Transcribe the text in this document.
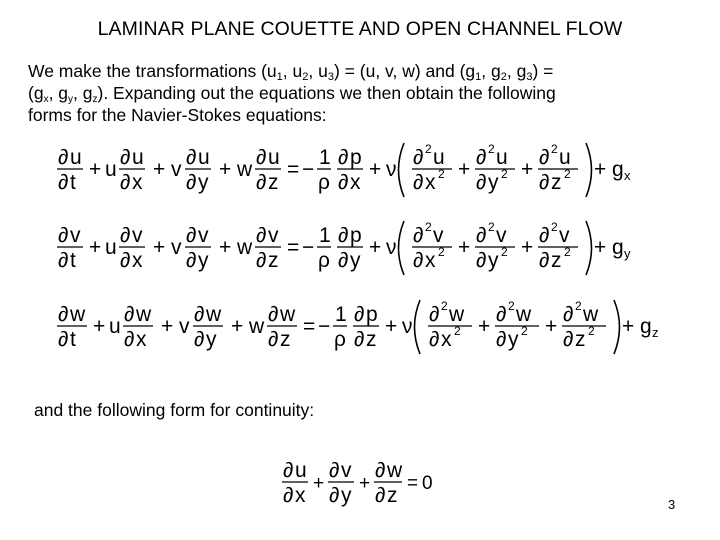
LAMINAR PLANE COUETTE AND OPEN CHANNEL FLOW
We make the transformations ($u_1$, $u_2$, $u_3) = (u$, v, w) and ($g_1$, $g_2$, $g_3$) =
($g_x$, $g_y$, $g_z$). Expanding out the equations we then obtain the following
forms for the Navier-Stokes equations:
∂ u
∂ t
+ u
∂ u
∂ x
+ v
∂ u
∂ y
+ w
∂ u
∂ z
= −
1
ρ
∂ p
∂ x
+ ν
∂ 2 u
∂ x 2 +
∂ 2 u
∂ y 2 +
∂ 2 u
∂ z 2 + g x
∂ v
∂ t
+ u
∂ v
∂ x
+ v
∂ v
∂ y
+ w
∂ v
∂ z
= −
1
ρ
∂ p
∂ y
+ ν
∂ 2 v
∂ x 2 +
∂ 2 v
∂ y 2 +
∂ 2 v
∂ z 2 + g y
∂ w
∂ t
+ u
∂ w
∂ x
+ v
∂ w
∂ y
+ w
∂ w
∂ z
= −
1
ρ
∂ p
∂ z
+ ν
∂ 2 w
∂ x 2 +
∂ 2 w
∂ y 2 +
∂ 2 w
∂ z 2 + g z
∂ u
∂ x
+
∂ v
∂ y
+
∂ w
∂ z
= 0
and the following form for continuity:
3
